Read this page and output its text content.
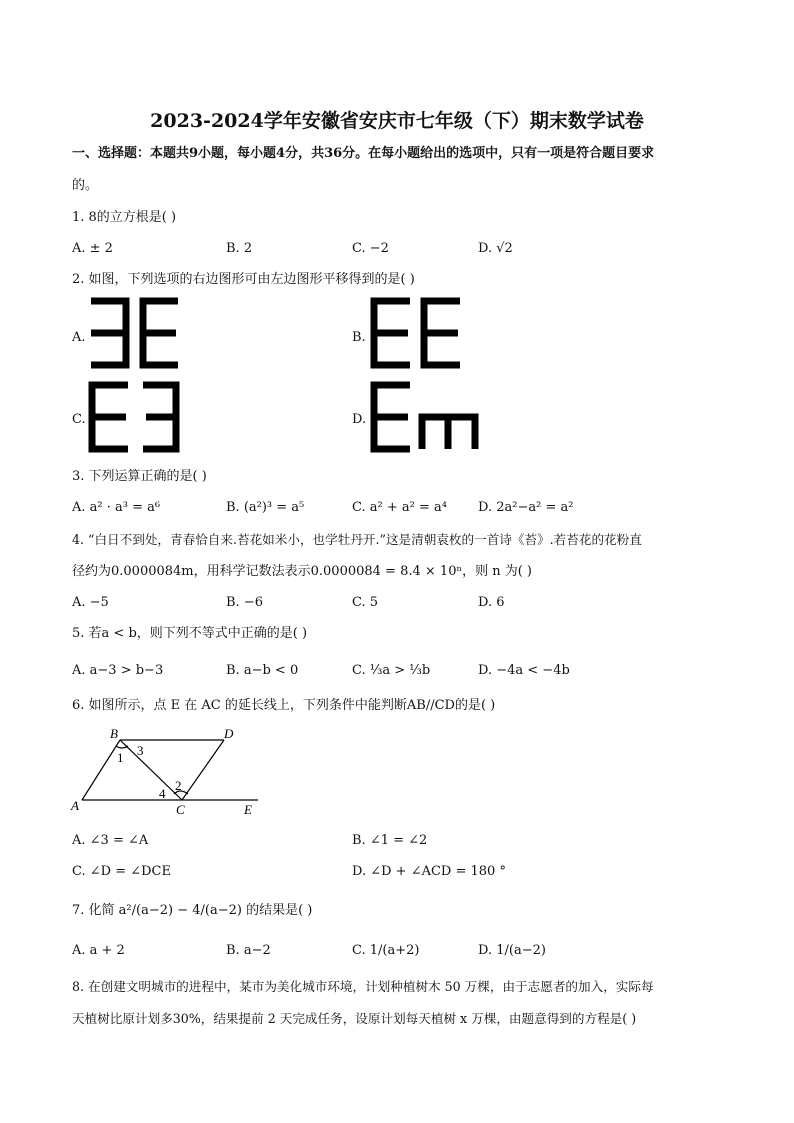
2023-2024学年安徽省安庆市七年级（下）期末数学试卷
一、选择题：本题共9小题，每小题4分，共36分。在每小题给出的选项中，只有一项是符合题目要求
的。
1. 8的立方根是( )
A. ± 2	B. 2	C. −2	D. √2
2. 如图，下列选项的右边图形可由左边图形平移得到的是( )
A.	B.
C.	D.
3. 下列运算正确的是( )
A. a² · a³ = a⁶	B. (a²)³ = a⁵	C. a² + a² = a⁴ D. 2a²−a² = a²
4. “白日不到处，青春恰自来.苔花如米小，也学牡丹开.”这是清朝袁枚的一首诗《苔》.若苔花的花粉直
径约为0.0000084m，用科学记数法表示0.0000084 = 8.4 × 10ⁿ，则 n 为( )
A. −5	B. −6	C. 5	D. 6
5. 若a < b，则下列不等式中正确的是( )
A. a−3 > b−3	B. a−b < 0	C. ⅓a > ⅓b	D. −4a < −4b
6. 如图所示，点 E 在 AC 的延长线上，下列条件中能判断AB//CD的是( )
B	D
A	C	E
1
2
3
4
A. ∠3 = ∠A	B. ∠1 = ∠2
C. ∠D = ∠DCE	D. ∠D + ∠ACD = 180 °
7. 化简 a²/(a−2) − 4/(a−2) 的结果是( )
A. a + 2	B. a−2	C. 1/(a+2)	D. 1/(a−2)
8. 在创建文明城市的进程中，某市为美化城市环境，计划种植树木 50 万棵，由于志愿者的加入，实际每
天植树比原计划多30%，结果提前 2 天完成任务，设原计划每天植树 x 万棵，由题意得到的方程是( )
